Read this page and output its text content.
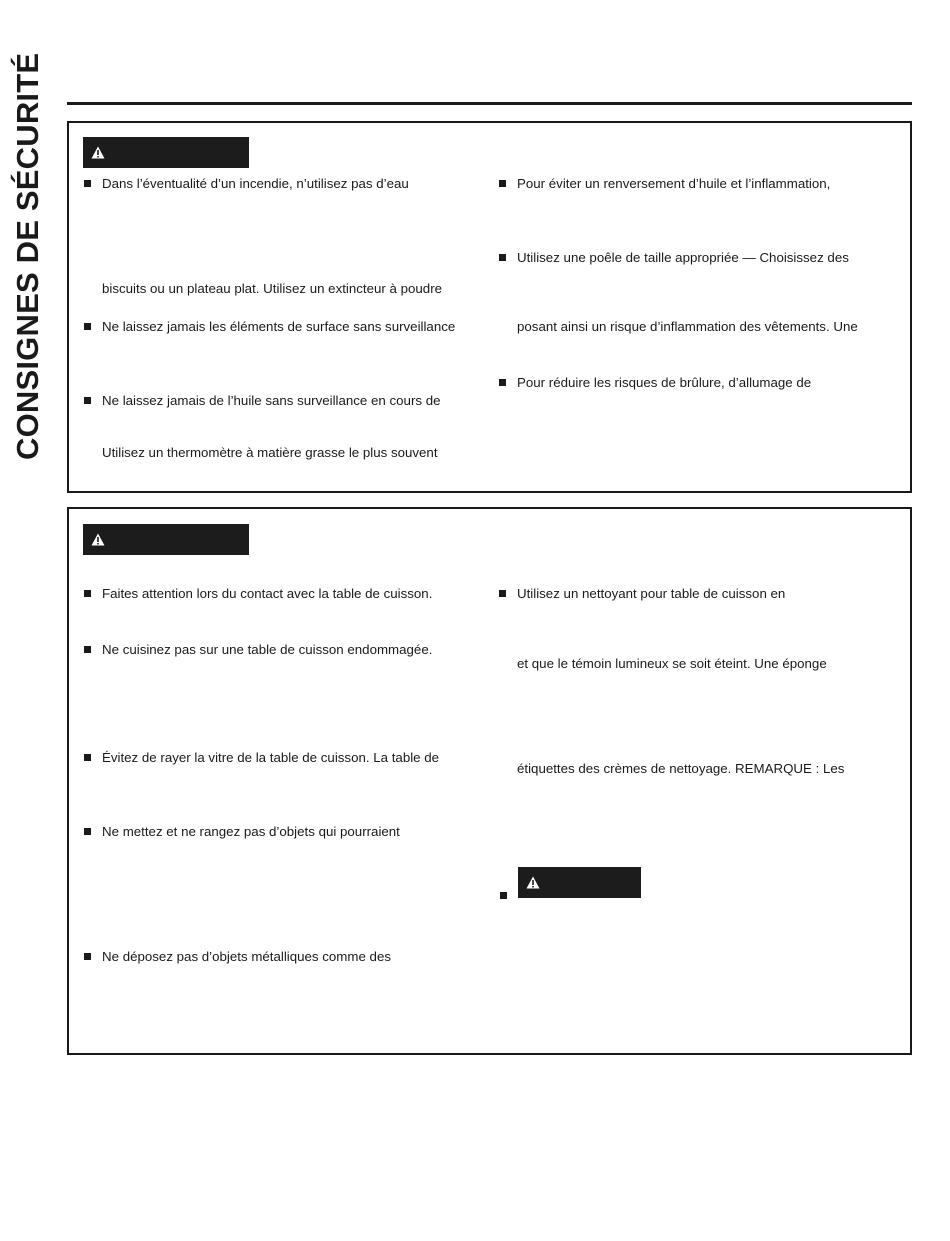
CONSIGNES DE SÉCURITÉ	Dans l’éventualité d’un incendie, n’utilisez pas d’eau
biscuits ou un plateau plat. Utilisez un extincteur à poudre
Ne laissez jamais les éléments de surface sans surveillance
Ne laissez jamais de l’huile sans surveillance en cours de
Utilisez un thermomètre à matière grasse le plus souvent
Pour éviter un renversement d’huile et l’inflammation,
Utilisez une poêle de taille appropriée — Choisissez des
posant ainsi un risque d’inflammation des vêtements. Une
Pour réduire les risques de brûlure, d’allumage de
Faites attention lors du contact avec la table de cuisson.
Ne cuisinez pas sur une table de cuisson endommagée.
Évitez de rayer la vitre de la table de cuisson. La table de
Ne mettez et ne rangez pas d’objets qui pourraient
Ne déposez pas d’objets métalliques comme des
Utilisez un nettoyant pour table de cuisson en
et que le témoin lumineux se soit éteint. Une éponge
étiquettes des crèmes de nettoyage. REMARQUE : Les
